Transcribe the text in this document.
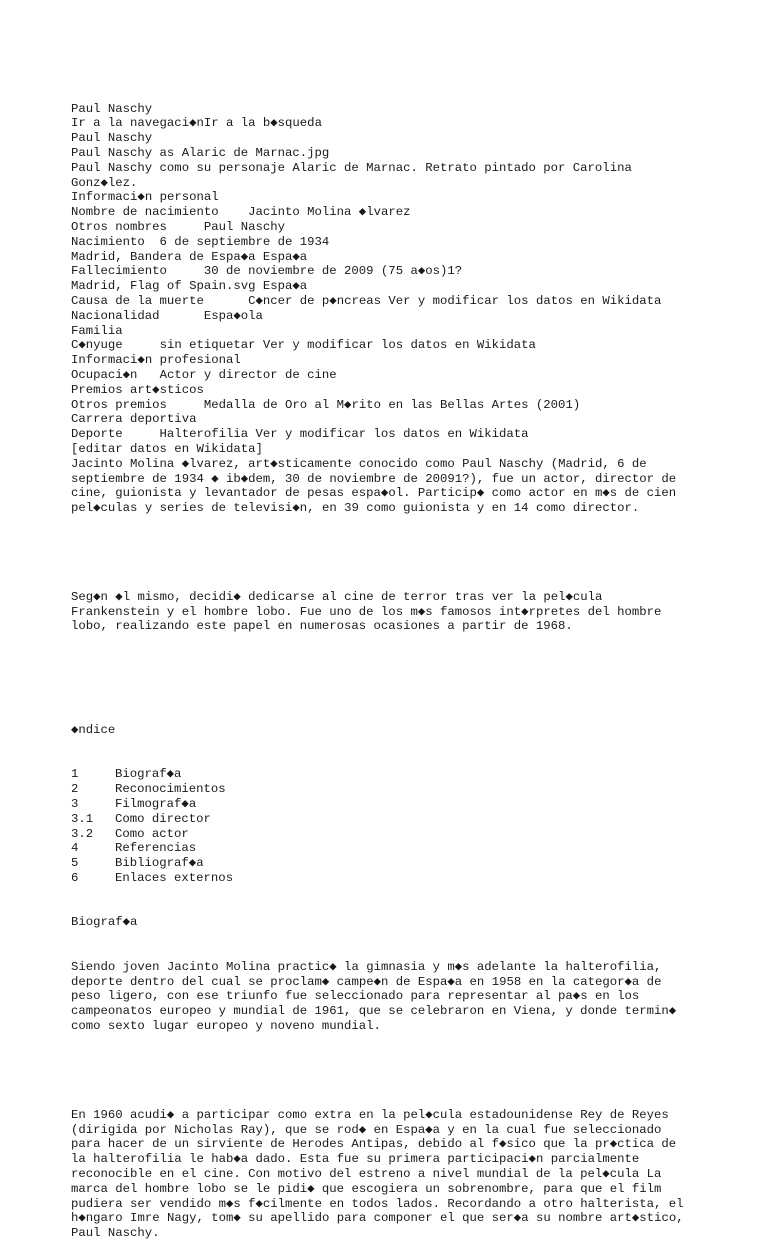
Paul Naschy
Ir a la navegaci◆nIr a la b◆squeda
Paul Naschy
Paul Naschy as Alaric de Marnac.jpg
Paul Naschy como su personaje Alaric de Marnac. Retrato pintado por Carolina
Gonz◆lez.
Informaci◆n personal
Nombre de nacimiento    Jacinto Molina ◆lvarez
Otros nombres     Paul Naschy
Nacimiento  6 de septiembre de 1934
Madrid, Bandera de Espa◆a Espa◆a
Fallecimiento     30 de noviembre de 2009 (75 a◆os)1?
Madrid, Flag of Spain.svg Espa◆a
Causa de la muerte      C◆ncer de p◆ncreas Ver y modificar los datos en Wikidata
Nacionalidad      Espa◆ola
Familia
C◆nyuge     sin etiquetar Ver y modificar los datos en Wikidata
Informaci◆n profesional
Ocupaci◆n   Actor y director de cine
Premios art◆sticos
Otros premios     Medalla de Oro al M◆rito en las Bellas Artes (2001)
Carrera deportiva
Deporte     Halterofilia Ver y modificar los datos en Wikidata
[editar datos en Wikidata]
Jacinto Molina ◆lvarez, art◆sticamente conocido como Paul Naschy (Madrid, 6 de
septiembre de 1934 ◆ ib◆dem, 30 de noviembre de 20091?), fue un actor, director de
cine, guionista y levantador de pesas espa◆ol. Particip◆ como actor en m◆s de cien
pel◆culas y series de televisi◆n, en 39 como guionista y en 14 como director.

Seg◆n ◆l mismo, decidi◆ dedicarse al cine de terror tras ver la pel◆cula
Frankenstein y el hombre lobo. Fue uno de los m◆s famosos int◆rpretes del hombre
lobo, realizando este papel en numerosas ocasiones a partir de 1968.

◆ndice

1	Biograf◆a
2	Reconocimientos
3	Filmograf◆a
3.1 Como director
3.2 Como actor
4	Referencias
5	Bibliograf◆a
6	Enlaces externos

Biograf◆a

Siendo joven Jacinto Molina practic◆ la gimnasia y m◆s adelante la halterofilia,
deporte dentro del cual se proclam◆ campe◆n de Espa◆a en 1958 en la categor◆a de
peso ligero, con ese triunfo fue seleccionado para representar al pa◆s en los
campeonatos europeo y mundial de 1961, que se celebraron en Viena, y donde termin◆
como sexto lugar europeo y noveno mundial.

En 1960 acudi◆ a participar como extra en la pel◆cula estadounidense Rey de Reyes
(dirigida por Nicholas Ray), que se rod◆ en Espa◆a y en la cual fue seleccionado
para hacer de un sirviente de Herodes Antipas, debido al f◆sico que la pr◆ctica de
la halterofilia le hab◆a dado. Esta fue su primera participaci◆n parcialmente
reconocible en el cine. Con motivo del estreno a nivel mundial de la pel◆cula La
marca del hombre lobo se le pidi◆ que escogiera un sobrenombre, para que el film
pudiera ser vendido m◆s f◆cilmente en todos lados. Recordando a otro halterista, el
h◆ngaro Imre Nagy, tom◆ su apellido para componer el que ser◆a su nombre art◆stico,
Paul Naschy.
